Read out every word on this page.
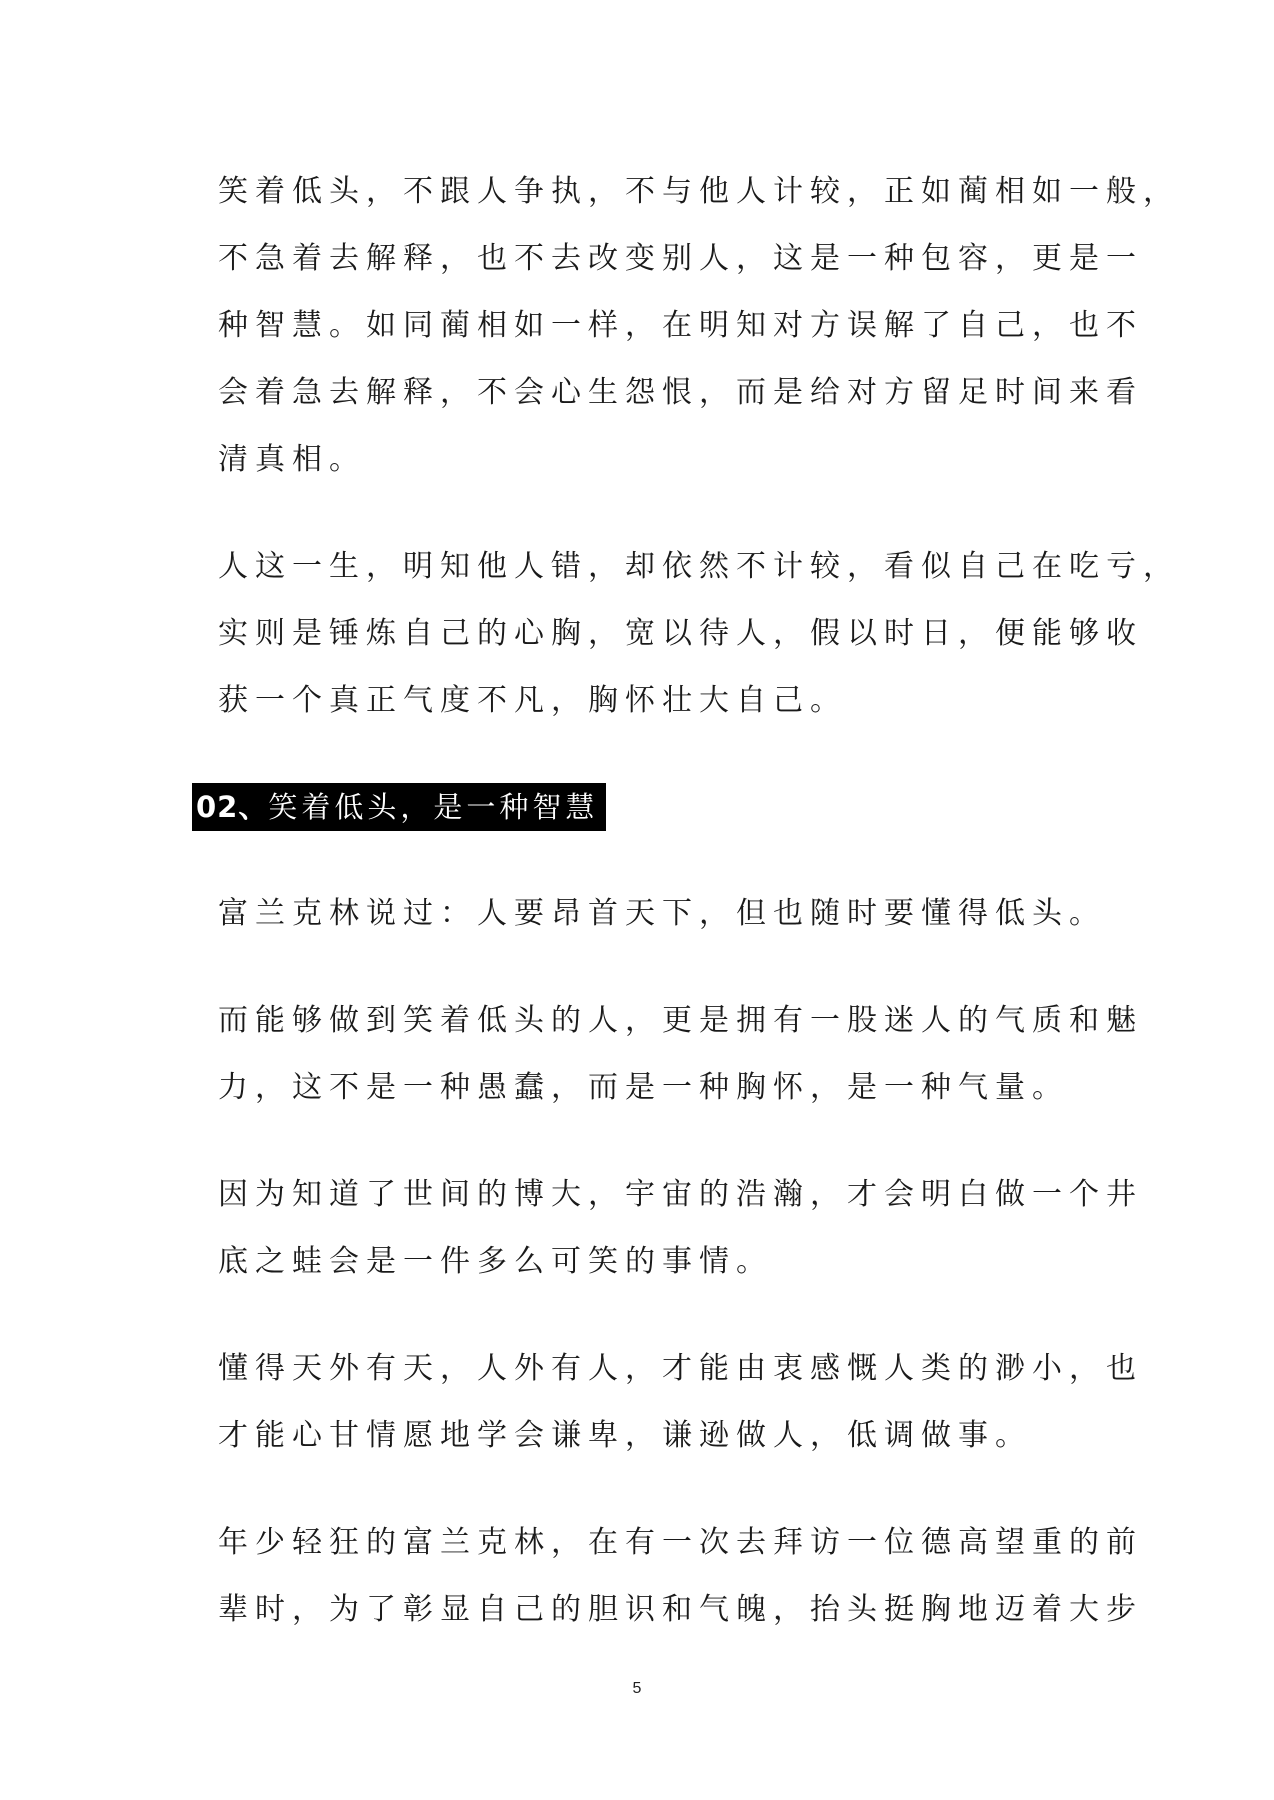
笑着低头，不跟人争执，不与他人计较，正如蔺相如一般，
不急着去解释，也不去改变别人，这是一种包容，更是一
种智慧。如同蔺相如一样，在明知对方误解了自己，也不
会着急去解释，不会心生怨恨，而是给对方留足时间来看
清真相。
人这一生，明知他人错，却依然不计较，看似自己在吃亏，
实则是锤炼自己的心胸，宽以待人，假以时日，便能够收
获一个真正气度不凡，胸怀壮大自己。
02、笑着低头，是一种智慧
富兰克林说过：人要昂首天下，但也随时要懂得低头。
而能够做到笑着低头的人，更是拥有一股迷人的气质和魅
力，这不是一种愚蠢，而是一种胸怀，是一种气量。
因为知道了世间的博大，宇宙的浩瀚，才会明白做一个井
底之蛙会是一件多么可笑的事情。
懂得天外有天，人外有人，才能由衷感慨人类的渺小，也
才能心甘情愿地学会谦卑，谦逊做人，低调做事。
年少轻狂的富兰克林，在有一次去拜访一位德高望重的前
辈时，为了彰显自己的胆识和气魄，抬头挺胸地迈着大步
5
